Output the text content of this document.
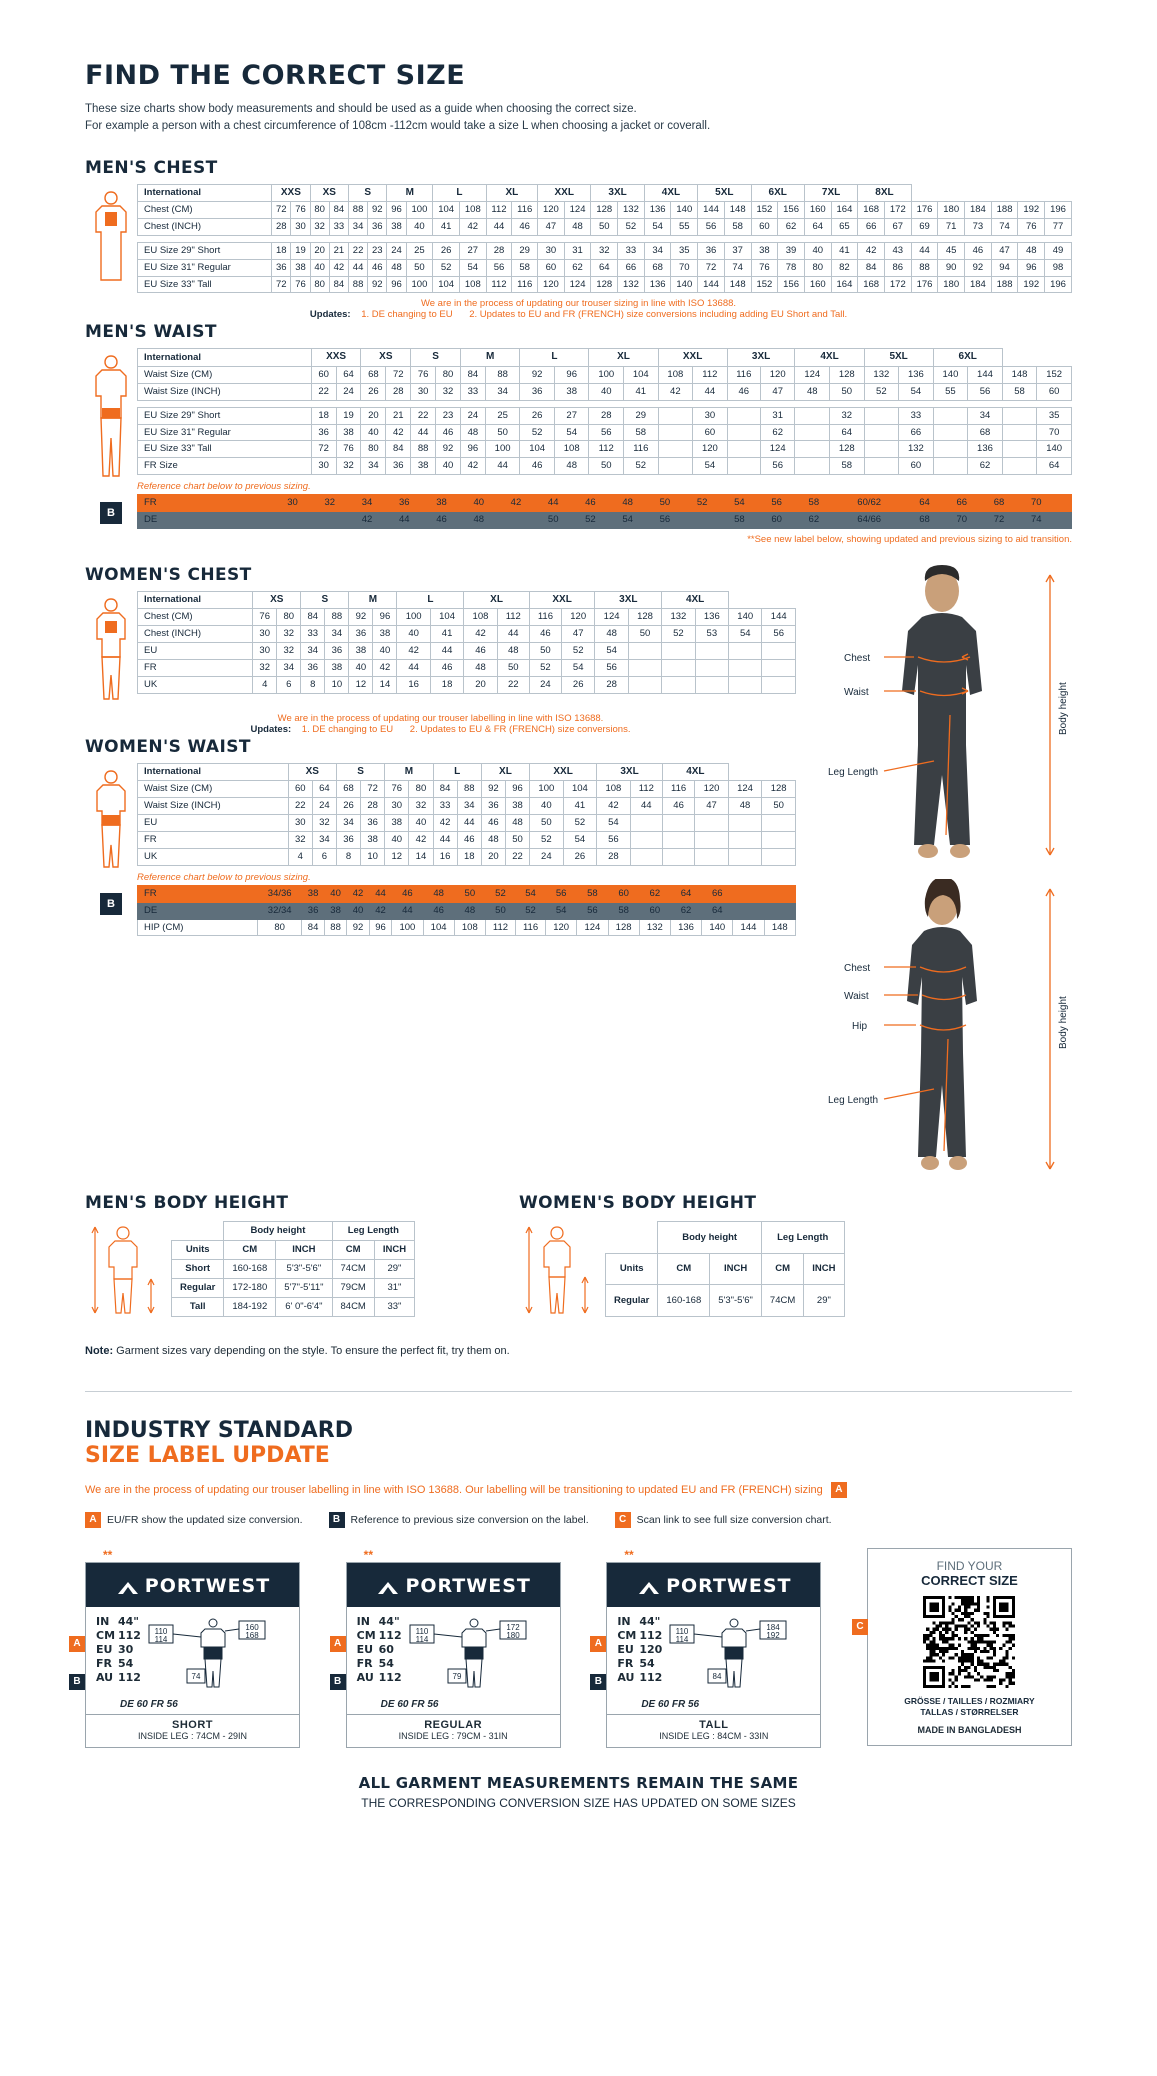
FIND THE CORRECT SIZE
These size charts show body measurements and should be used as a guide when choosing the correct size.
For example a person with a chest circumference of 108cm -112cm would take a size L when choosing a jacket or coverall.
MEN'S CHEST
International	XXS		XS		S		M		L		XL		XXL		3XL		4XL		5XL		6XL		7XL		8XL							
Chest (CM)	72	76	80	84	88	92	96	100	104	108	112	116	120	124	128	132	136	140	144	148	152	156	160	164	168	172	176	180	184	188	192	196
Chest (INCH)	28	30	32	33	34	36	38	40	41	42	44	46	47	48	50	52	54	55	56	58	60	62	64	65	66	67	69	71	73	74	76	77

EU Size 29" Short	18	19	20	21	22	23	24	25	26	27	28	29	30	31	32	33	34	35	36	37	38	39	40	41	42	43	44	45	46	47	48	49
EU Size 31" Regular	36	38	40	42	44	46	48	50	52	54	56	58	60	62	64	66	68	70	72	74	76	78	80	82	84	86	88	90	92	94	96	98
EU Size 33" Tall	72	76	80	84	88	92	96	100	104	108	112	116	120	124	128	132	136	140	144	148	152	156	160	164	168	172	176	180	184	188	192	196
We are in the process of updating our trouser sizing in line with ISO 13688.
Updates: 1. DE changing to EU 2. Updates to EU and FR (FRENCH) size conversions including adding EU Short and Tall.
MEN'S WAIST
International	XXS		XS		S		M		L		XL		XXL		3XL		4XL		5XL		6XL			
Waist Size (CM)	60	64	68	72	76	80	84	88	92	96	100	104	108	112	116	120	124	128	132	136	140	144	148	152
Waist Size (INCH)	22	24	26	28	30	32	33	34	36	38	40	41	42	44	46	47	48	50	52	54	55	56	58	60

EU Size 29" Short	18	19	20	21	22	23	24	25	26	27	28	29		30		31		32		33		34		35
EU Size 31" Regular	36	38	40	42	44	46	48	50	52	54	56	58		60		62		64		66		68		70
EU Size 33" Tall	72	76	80	84	88	92	96	100	104	108	112	116		120		124		128		132		136		140
FR Size	30	32	34	36	38	40	42	44	46	48	50	52		54		56		58		60		62		64
Reference chart below to previous sizing.
B
FR			30	32	34	36	38	40	42	44	46	48	50	52	54	56	58	60/62	64	66	68	70		
DE					42	44	46	48		50	52	54	56		58	60	62	64/66	68	70	72	74		
**See new label below, showing updated and previous sizing to aid transition.
WOMEN'S CHEST
International	XS		S		M		L		XL		XXL		3XL		4XL			
Chest (CM)	76	80	84	88	92	96	100	104	108	112	116	120	124	128	132	136	140	144
Chest (INCH)	30	32	33	34	36	38	40	41	42	44	46	47	48	50	52	53	54	56
EU	30	32	34	36	38	40	42	44	46	48	50	52	54					
FR	32	34	36	38	40	42	44	46	48	50	52	54	56					
UK	4	6	8	10	12	14	16	18	20	22	24	26	28					
We are in the process of updating our trouser labelling in line with ISO 13688.
Updates: 1. DE changing to EU 2. Updates to EU & FR (FRENCH) size conversions.
WOMEN'S WAIST
International	XS		S		M		L		XL		XXL		3XL		4XL			
Waist Size (CM)	60	64	68	72	76	80	84	88	92	96	100	104	108	112	116	120	124	128
Waist Size (INCH)	22	24	26	28	30	32	33	34	36	38	40	41	42	44	46	47	48	50
EU	30	32	34	36	38	40	42	44	46	48	50	52	54					
FR	32	34	36	38	40	42	44	46	48	50	52	54	56					
UK	4	6	8	10	12	14	16	18	20	22	24	26	28					
Reference chart below to previous sizing.
B
FR	34/36	38	40	42	44	46	48	50	52	54	56	58	60	62	64	66		
DE	32/34	36	38	40	42	44	46	48	50	52	54	56	58	60	62	64		
HIP (CM)	80	84	88	92	96	100	104	108	112	116	120	124	128	132	136	140	144	148
Chest
Waist
Leg Length
Body height
Chest
Waist
Hip
Leg Length
Body height
MEN'S BODY HEIGHT
	Body height		Leg Length	
Units	CM	INCH	CM	INCH
Short	160-168	5'3"-5'6"	74CM	29"
Regular	172-180	5'7"-5'11"	79CM	31"
Tall	184-192	6' 0"-6'4"	84CM	33"
WOMEN'S BODY HEIGHT
	Body height		Leg Length	
Units	CM	INCH	CM	INCH
Regular	160-168	5'3"-5'6"	74CM	29"
Note: Garment sizes vary depending on the style. To ensure the perfect fit, try them on.
INDUSTRY STANDARD
SIZE LABEL UPDATE
We are in the process of updating our trouser labelling in line with ISO 13688. Our labelling will be transitioning to updated EU and FR (FRENCH) sizing A
A EU/FR show the updated size conversion.	B Reference to previous size conversion on the label.	C Scan link to see full size conversion chart.
**
A
B
PORTWEST
IN 44"
CM 112
EU 30
FR 54
AU 112
110
114
160
168
74
DE 60 FR 56
SHORT
INSIDE LEG : 74CM - 29IN
**
A
B
PORTWEST
IN 44"
CM 112
EU 60
FR 54
AU 112
110
114
172
180
79
DE 60 FR 56
REGULAR
INSIDE LEG : 79CM - 31IN
**
A
B
PORTWEST
IN 44"
CM 112
EU 120
FR 54
AU 112
110
114
184
192
84
DE 60 FR 56
TALL
INSIDE LEG : 84CM - 33IN
C
FIND YOUR
CORRECT SIZE
GRÖSSE / TAILLES / ROZMIARY
TALLAS / STØRRELSER
MADE IN BANGLADESH
ALL GARMENT MEASUREMENTS REMAIN THE SAME
THE CORRESPONDING CONVERSION SIZE HAS UPDATED ON SOME SIZES
